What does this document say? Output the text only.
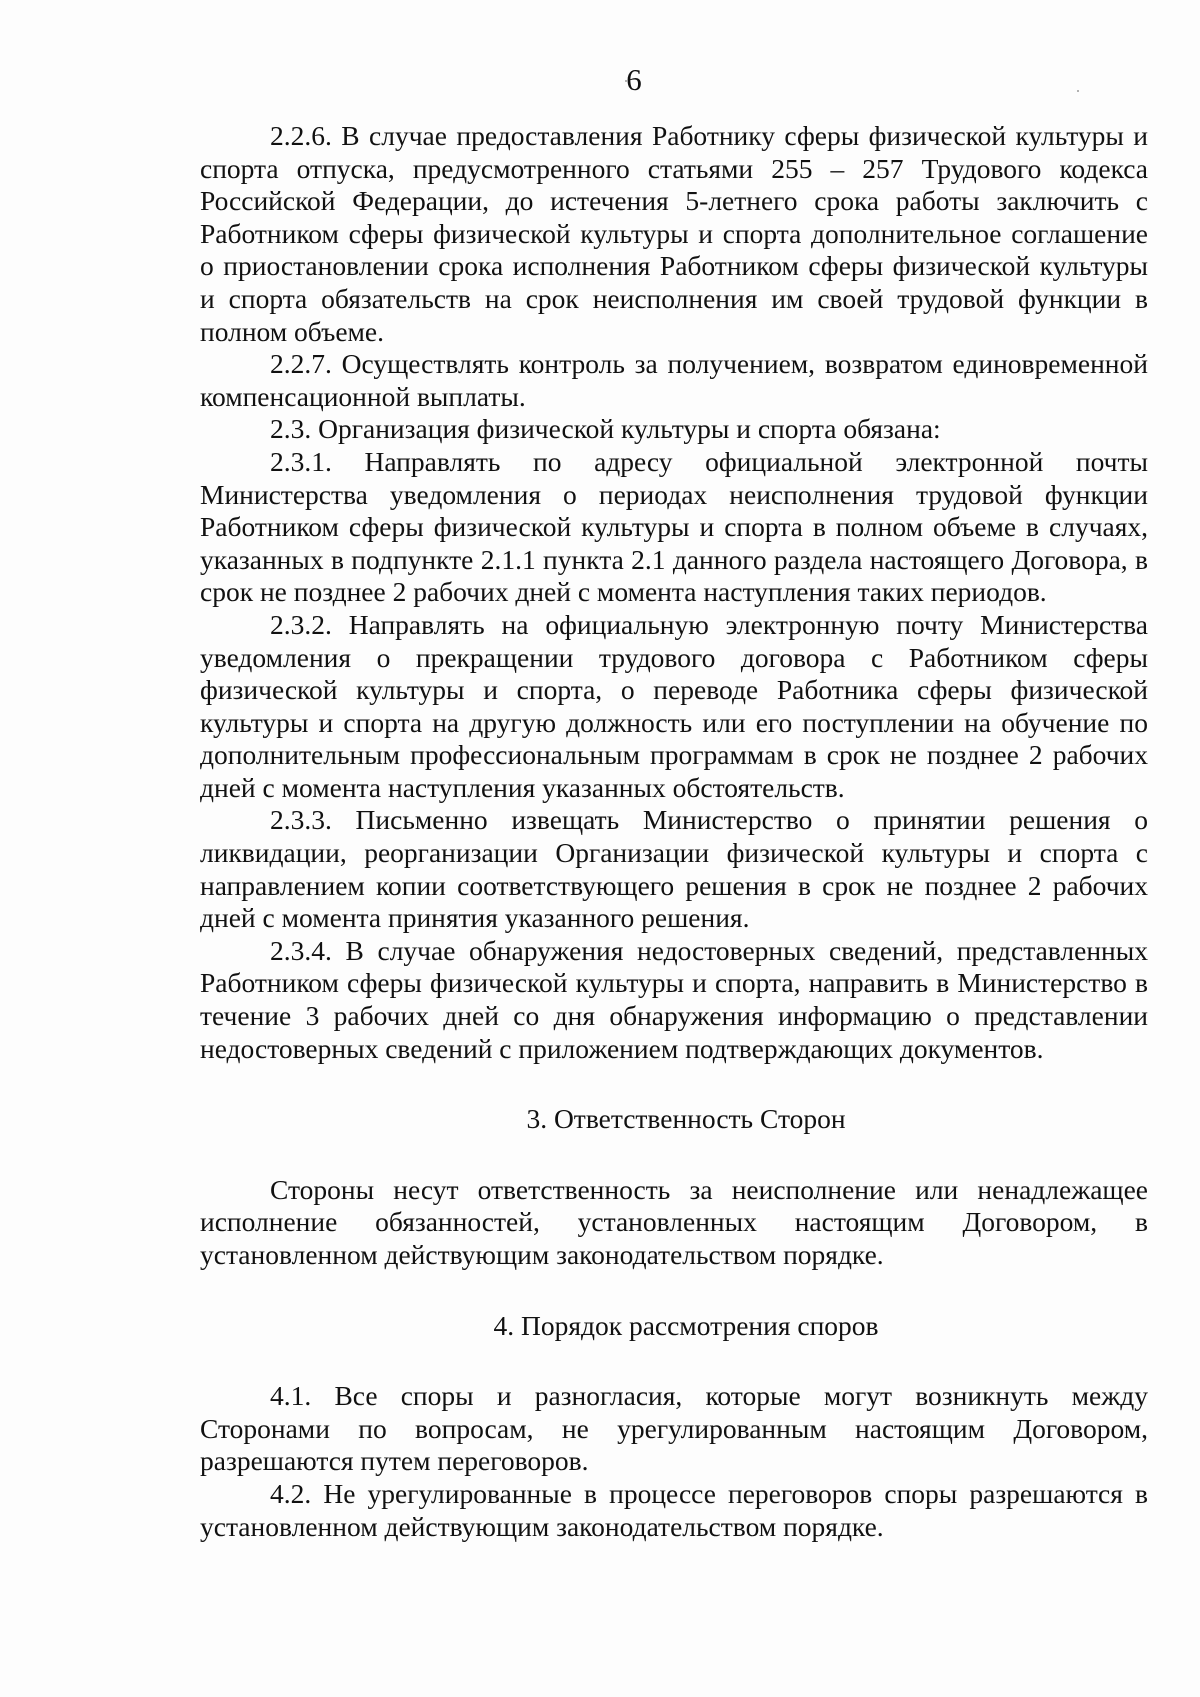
6

2.2.6. В случае предоставления Работнику сферы физической культуры и спорта отпуска, предусмотренного статьями 255 – 257 Трудового кодекса Российской Федерации, до истечения 5-летнего срока работы заключить с Работником сферы физической культуры и спорта дополнительное соглашение о приостановлении срока исполнения Работником сферы физической культуры и спорта обязательств на срок неисполнения им своей трудовой функции в полном объеме.

2.2.7. Осуществлять контроль за получением, возвратом единовременной компенсационной выплаты.

2.3. Организация физической культуры и спорта обязана:

2.3.1. Направлять по адресу официальной электронной почты Министерства уведомления о периодах неисполнения трудовой функции Работником сферы физической культуры и спорта в полном объеме в случаях, указанных в подпункте 2.1.1 пункта 2.1 данного раздела настоящего Договора, в срок не позднее 2 рабочих дней с момента наступления таких периодов.

2.3.2. Направлять на официальную электронную почту Министерства уведомления о прекращении трудового договора с Работником сферы физической культуры и спорта, о переводе Работника сферы физической культуры и спорта на другую должность или его поступлении на обучение по дополнительным профессиональным программам в срок не позднее 2 рабочих дней с момента наступления указанных обстоятельств.

2.3.3. Письменно извещать Министерство о принятии решения о ликвидации, реорганизации Организации физической культуры и спорта с направлением копии соответствующего решения в срок не позднее 2 рабочих дней с момента принятия указанного решения.

2.3.4. В случае обнаружения недостоверных сведений, представленных Работником сферы физической культуры и спорта, направить в Министерство в течение 3 рабочих дней со дня обнаружения информацию о представлении недостоверных сведений с приложением подтверждающих документов.

3. Ответственность Сторон

Стороны несут ответственность за неисполнение или ненадлежащее исполнение обязанностей, установленных настоящим Договором, в установленном действующим законодательством порядке.

4. Порядок рассмотрения споров

4.1. Все споры и разногласия, которые могут возникнуть между Сторонами по вопросам, не урегулированным настоящим Договором, разрешаются путем переговоров.

4.2. Не урегулированные в процессе переговоров споры разрешаются в установленном действующим законодательством порядке.
